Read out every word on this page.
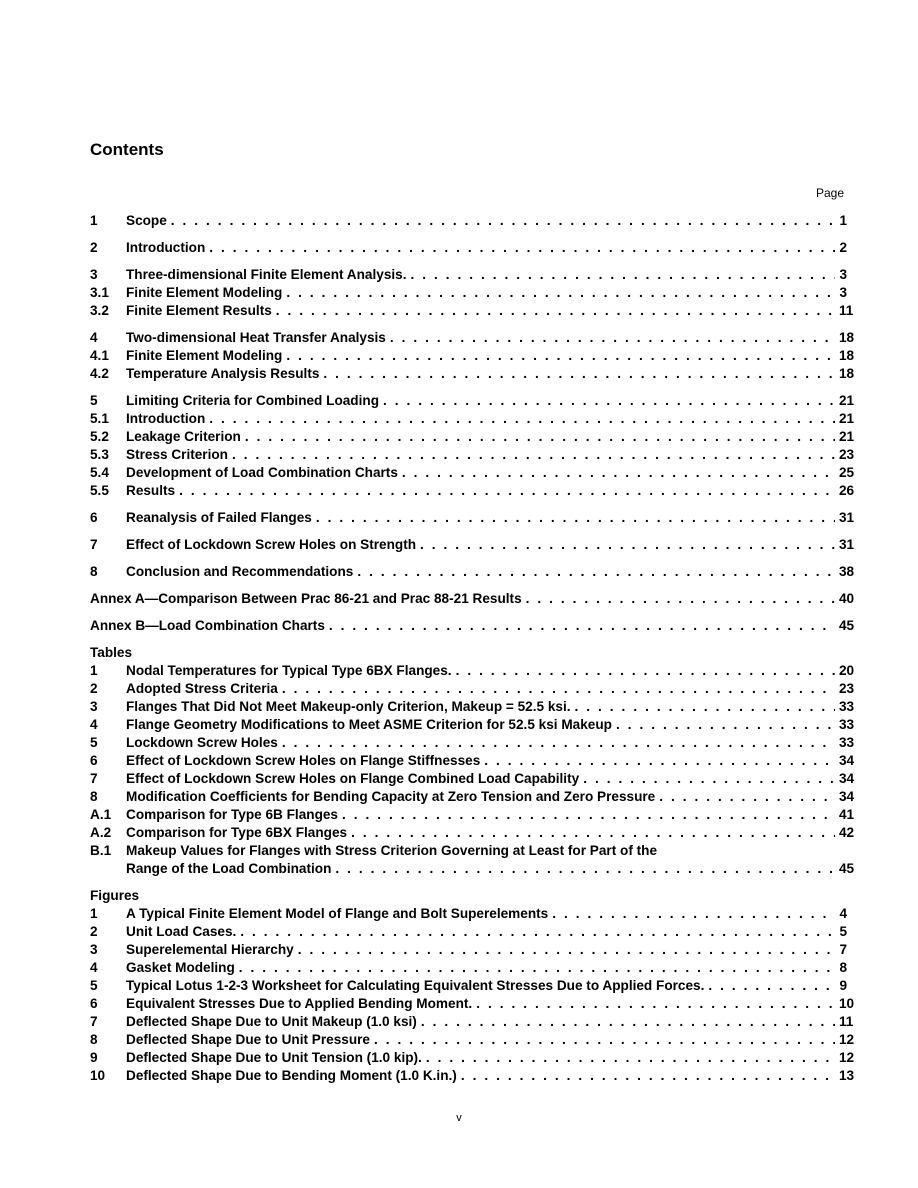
Contents
Page
1	Scope . . .	1
2	Introduction . . .	2
3	Three-dimensional Finite Element Analysis. . . .	3
3.1	Finite Element Modeling . . .	3
3.2	Finite Element Results . . .	11
4	Two-dimensional Heat Transfer Analysis . . .	18
4.1	Finite Element Modeling . . .	18
4.2	Temperature Analysis Results . . .	18
5	Limiting Criteria for Combined Loading . . .	21
5.1	Introduction . . .	21
5.2	Leakage Criterion . . .	21
5.3	Stress Criterion . . .	23
5.4	Development of Load Combination Charts . . .	25
5.5	Results . . .	26
6	Reanalysis of Failed Flanges . . .	31
7	Effect of Lockdown Screw Holes on Strength . . .	31
8	Conclusion and Recommendations . . .	38
Annex A—Comparison Between Prac 86-21 and Prac 88-21 Results . . .	40
Annex B—Load Combination Charts . . .	45
Tables
1	Nodal Temperatures for Typical Type 6BX Flanges. . . .	20
2	Adopted Stress Criteria . . .	23
3	Flanges That Did Not Meet Makeup-only Criterion, Makeup = 52.5 ksi. . . .	33
4	Flange Geometry Modifications to Meet ASME Criterion for 52.5 ksi Makeup . . .	33
5	Lockdown Screw Holes . . .	33
6	Effect of Lockdown Screw Holes on Flange Stiffnesses . . .	34
7	Effect of Lockdown Screw Holes on Flange Combined Load Capability . . .	34
8	Modification Coefficients for Bending Capacity at Zero Tension and Zero Pressure . . .	34
A.1	Comparison for Type 6B Flanges . . .	41
A.2	Comparison for Type 6BX Flanges . . .	42
B.1	Makeup Values for Flanges with Stress Criterion Governing at Least for Part of the
Range of the Load Combination . . .	45
Figures
1	A Typical Finite Element Model of Flange and Bolt Superelements . . .	4
2	Unit Load Cases. . . .	5
3	Superelemental Hierarchy . . .	7
4	Gasket Modeling . . .	8
5	Typical Lotus 1-2-3 Worksheet for Calculating Equivalent Stresses Due to Applied Forces. . . .	9
6	Equivalent Stresses Due to Applied Bending Moment. . . .	10
7	Deflected Shape Due to Unit Makeup (1.0 ksi) . . .	11
8	Deflected Shape Due to Unit Pressure . . .	12
9	Deflected Shape Due to Unit Tension (1.0 kip). . . .	12
10	Deflected Shape Due to Bending Moment (1.0 K.in.) . . .	13
v
